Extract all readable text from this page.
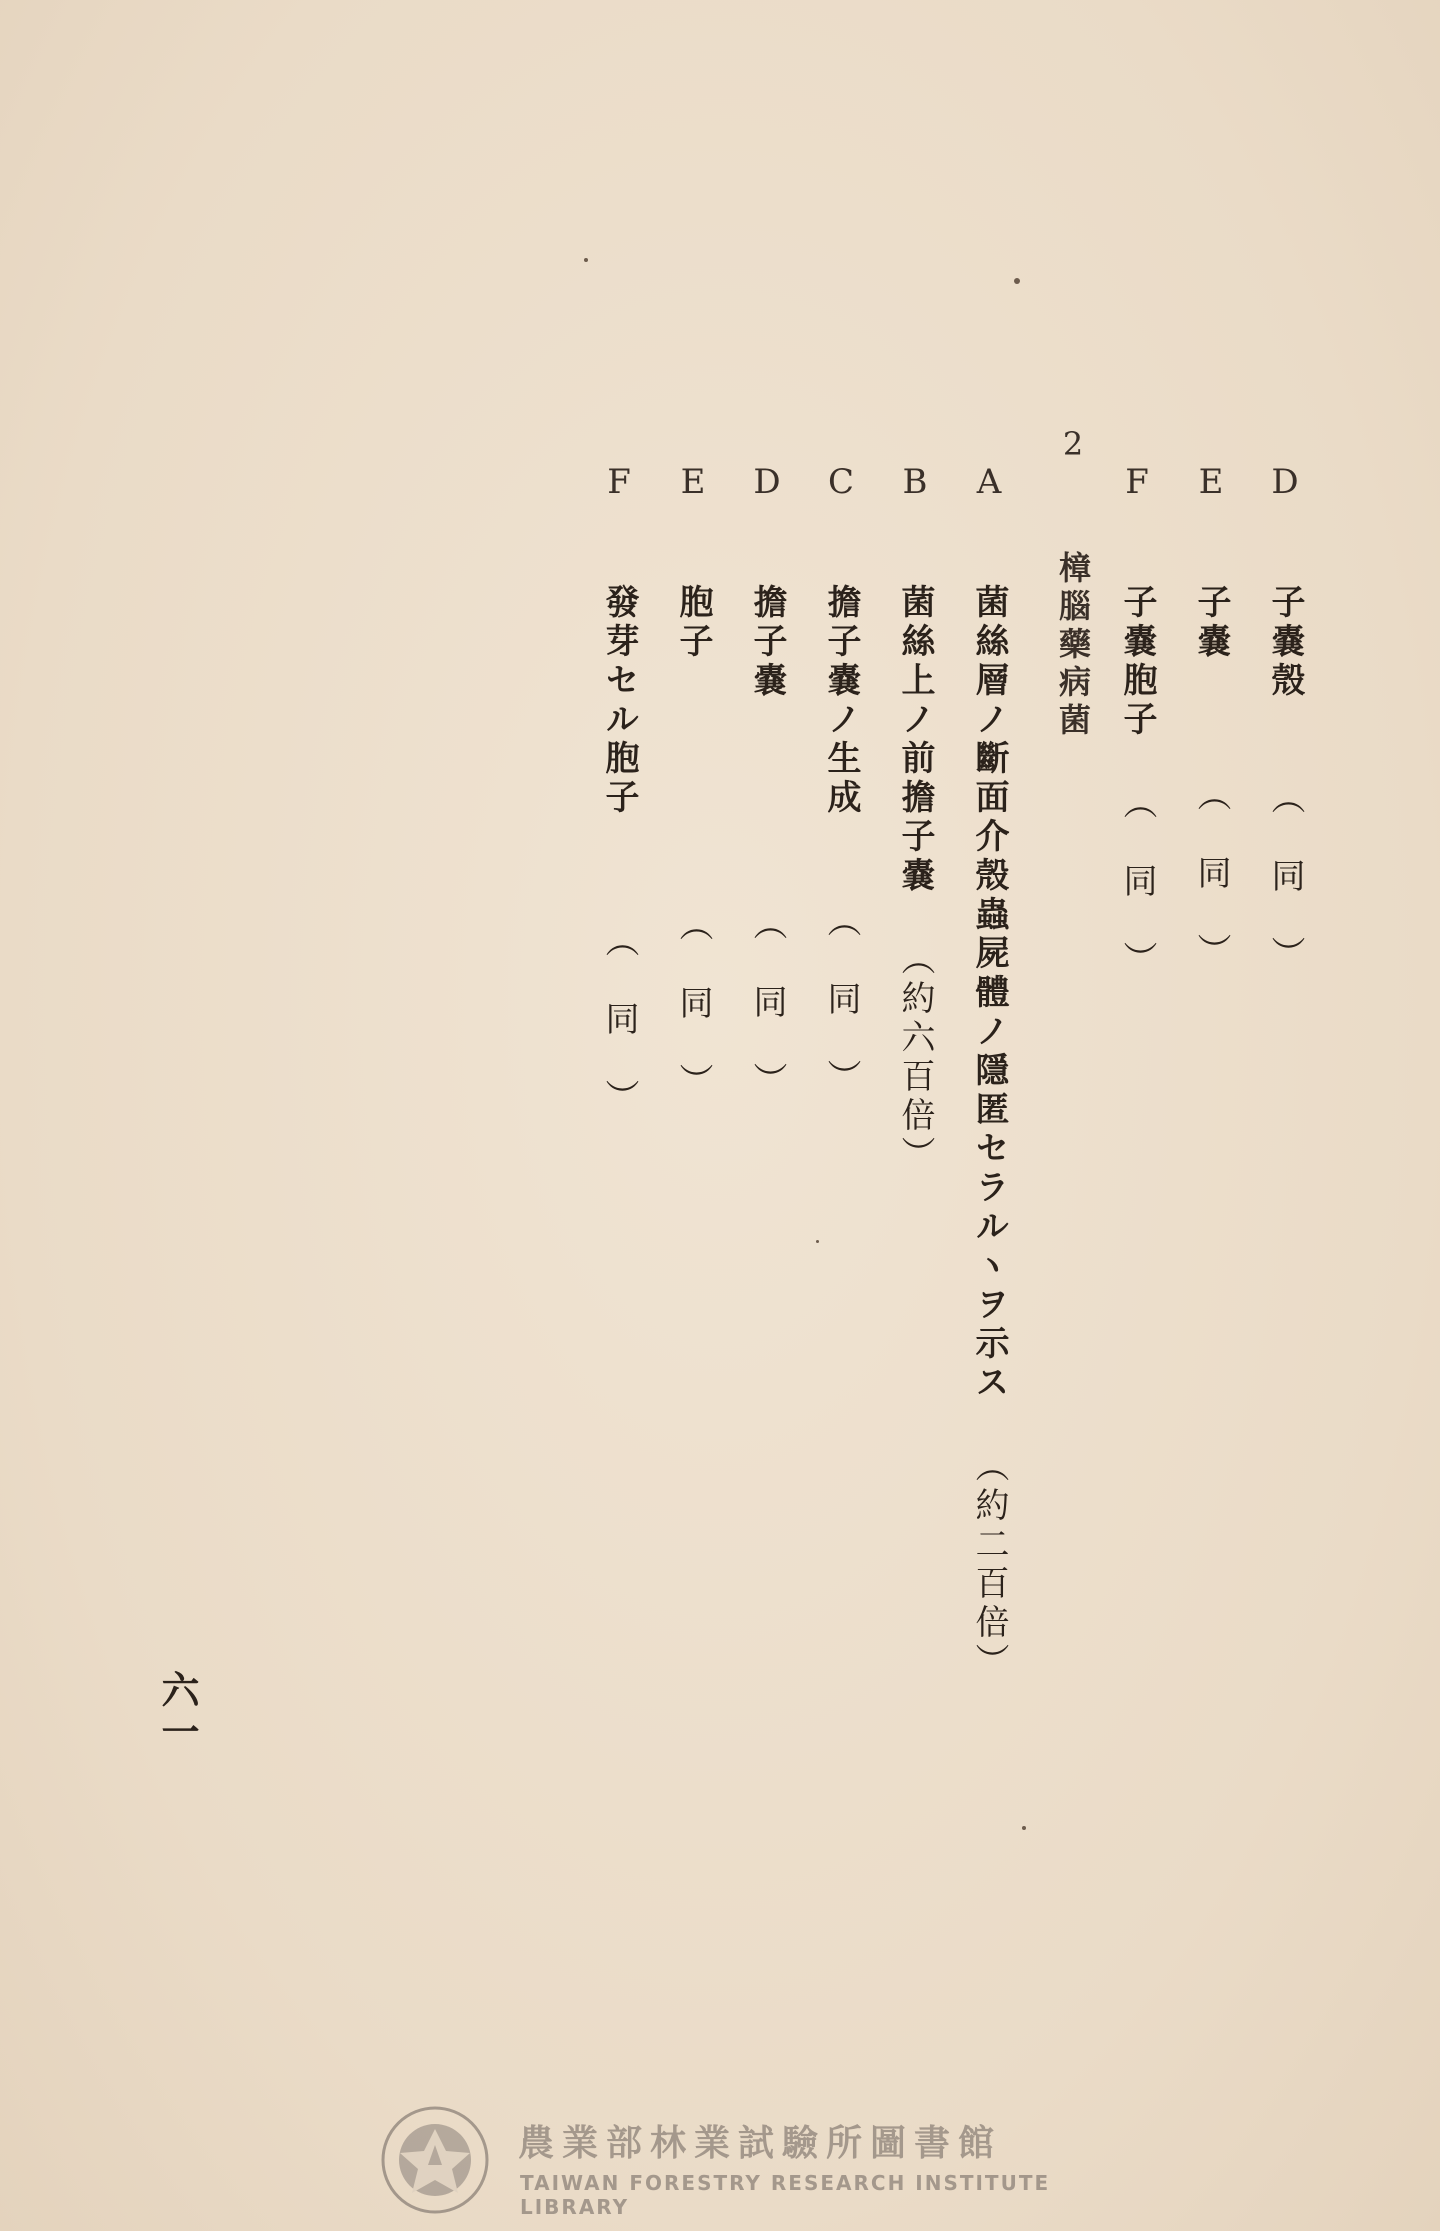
D 子嚢殼 （　同　）
E 子嚢 （　同　）
F 子嚢胞子 （　同　）
2 樟腦藥病菌
A 菌絲層ノ斷面介殼蟲屍體ノ隱匿セラルヽヲ示ス （約二百倍）
B 菌絲上ノ前擔子嚢 （約六百倍）
C 擔子嚢ノ生成 （　同　）
D 擔子嚢 （　同　）
E 胞子 （　同　）
F 發芽セル胞子 （　同　）
六一
農業部林業試驗所圖書館
TAIWAN FORESTRY RESEARCH INSTITUTE LIBRARY
